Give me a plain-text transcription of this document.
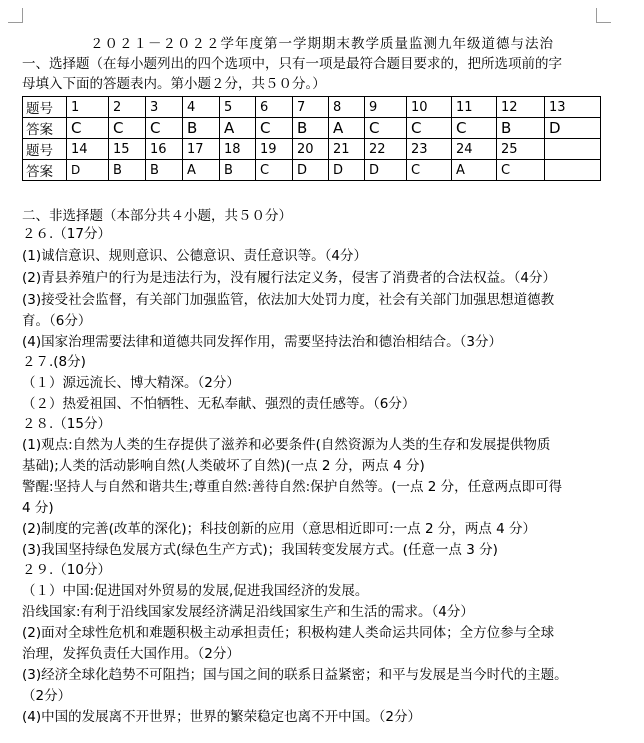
２０２１－２０２２学年度第一学期期末教学质量监测九年级道德与法治
一、选择题（在每小题列出的四个选项中，只有一项是最符合题目要求的，把所选项前的字
母填入下面的答题表内。第小题２分，共５０分。）
题号	1	2	3	4	5	6	7	8	9	10	11	12	13
答案	C	C	C	B	A	C	B	A	C	C	C	B	D
题号	14	15	16	17	18	19	20	21	22	23	24	25	
答案	D	B	B	A	B	C	D	D	D	C	A	C	
二、非选择题（本部分共４小题，共５０分）
２６.（17分）
(1)诚信意识、规则意识、公德意识、责任意识等。（4分）
(2)青县养殖户的行为是违法行为，没有履行法定义务，侵害了消费者的合法权益。（4分）
(3)接受社会监督，有关部门加强监管，依法加大处罚力度，社会有关部门加强思想道德教
育。（6分）
(4)国家治理需要法律和道德共同发挥作用，需要坚持法治和德治相结合。（3分）
２７.(8分)
（１）源远流长、博大精深。（2分）
（２）热爱祖国、不怕牺牲、无私奉献、强烈的责任感等。（6分）
２８.（15分）
(1)观点:自然为人类的生存提供了滋养和必要条件(自然资源为人类的生存和发展提供物质
基础);人类的活动影响自然(人类破坏了自然)(一点 2 分，两点 4 分)
警醒:坚持人与自然和谐共生;尊重自然:善待自然:保护自然等。(一点 2 分，任意两点即可得
4 分)
(2)制度的完善(改革的深化)；科技创新的应用（意思相近即可:一点 2 分，两点 4 分）
(3)我国坚持绿色发展方式(绿色生产方式)；我国转变发展方式。(任意一点 3 分)
２９.（10分）
（１）中国:促进国对外贸易的发展,促进我国经济的发展。
沿线国家:有利于沿线国家发展经济满足沿线国家生产和生活的需求。（4分）
(2)面对全球性危机和难题积极主动承担责任；积极构建人类命运共同体；全方位参与全球
治理，发挥负责任大国作用。（2分）
(3)经济全球化趋势不可阻挡；国与国之间的联系日益紧密；和平与发展是当今时代的主题。
（2分）
(4)中国的发展离不开世界；世界的繁荣稳定也离不开中国。（2分）
